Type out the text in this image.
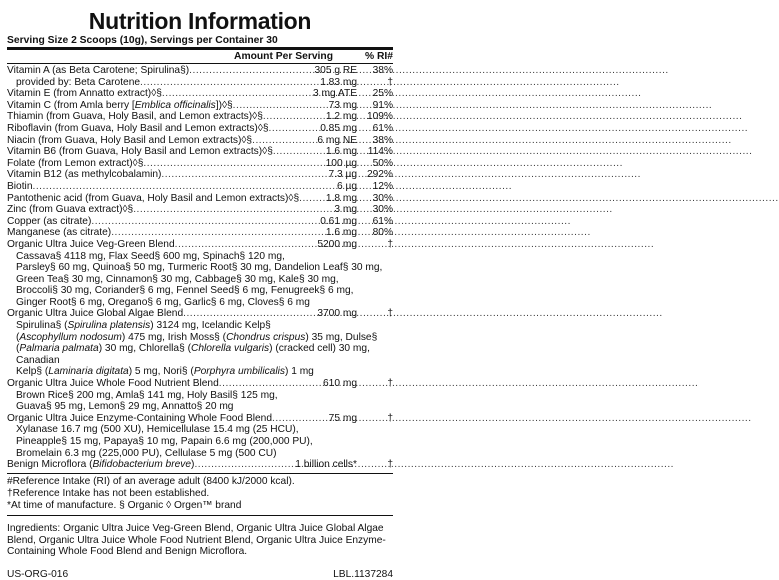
Nutrition Information
Serving Size 2 Scoops (10g), Servings per Container 30
Amount Per Serving	% RI#
Vitamin A (as Beta Carotene; Spirulina§) .....	305 g RE	38%
provided by: Beta Carotene .....	1.83 mg	†
Vitamin E (from Annatto extract)◊§ .....	3 mg ATE	25%
Vitamin C (from Amla berry [Emblica officinalis])◊§ .....	73 mg	91%
Thiamin (from Guava, Holy Basil, and Lemon extracts)◊§ .....	1.2 mg 109%
Riboflavin (from Guava, Holy Basil and Lemon extracts)◊§ .....	0.85 mg	61%
Niacin (from Guava, Holy Basil and Lemon extracts)◊§ .....	6 mg NE	38%
Vitamin B6 (from Guava, Holy Basil and Lemon extracts)◊§ .....	1.6 mg	114%
Folate (from Lemon extract)◊§ .....	100 µg	50%
Vitamin B12 (as methylcobalamin) .....	7.3 µg 292%
Biotin .....	6 µg	12%
Pantothenic acid (from Guava, Holy Basil and Lemon extracts)◊§ .....	1.8 mg	30%
Zinc (from Guava extract)◊§ .....	3 mg	30%
Copper (as citrate) .....	0.61 mg	61%
Manganese (as citrate) .....	1.6 mg	80%
Organic Ultra Juice Veg-Green Blend .....	5200 mg	†
Cassava§ 4118 mg, Flax Seed§ 600 mg, Spinach§ 120 mg,
Parsley§ 60 mg, Quinoa§ 50 mg, Turmeric Root§ 30 mg, Dandelion Leaf§ 30 mg,
Green Tea§ 30 mg, Cinnamon§ 30 mg, Cabbage§ 30 mg, Kale§ 30 mg,
Broccoli§ 30 mg, Coriander§ 6 mg, Fennel Seed§ 6 mg, Fenugreek§ 6 mg,
Ginger Root§ 6 mg, Oregano§ 6 mg, Garlic§ 6 mg, Cloves§ 6 mg
Organic Ultra Juice Global Algae Blend .....	3700 mg	†
Spirulina§ (Spirulina platensis) 3124 mg, Icelandic Kelp§
(Ascophyllum nodosum) 475 mg, Irish Moss§ (Chondrus crispus) 35 mg, Dulse§
(Palmaria palmata) 30 mg, Chlorella§ (Chlorella vulgaris) (cracked cell) 30 mg, Canadian
Kelp§ (Laminaria digitata) 5 mg, Nori§ (Porphyra umbilicalis) 1 mg
Organic Ultra Juice Whole Food Nutrient Blend .....	610 mg	†
Brown Rice§ 200 mg, Amla§ 141 mg, Holy Basil§ 125 mg,
Guava§ 95 mg, Lemon§ 29 mg, Annatto§ 20 mg
Organic Ultra Juice Enzyme-Containing Whole Food Blend .....	75 mg	†
Xylanase 16.7 mg (500 XU), Hemicellulase 15.4 mg (25 HCU),
Pineapple§ 15 mg, Papaya§ 10 mg, Papain 6.6 mg (200,000 PU),
Bromelain 6.3 mg (225,000 PU), Cellulase 5 mg (500 CU)
Benign Microflora (Bifidobacterium breve) .....	1 billion cells*	†
#Reference Intake (RI) of an average adult (8400 kJ/2000 kcal).
†Reference Intake has not been established.
*At time of manufacture. § Organic ◊ Orgen™ brand
Ingredients: Organic Ultra Juice Veg-Green Blend, Organic Ultra Juice Global Algae Blend, Organic Ultra Juice Whole Food Nutrient Blend, Organic Ultra Juice Enzyme-Containing Whole Food Blend and Benign Microflora.
US-ORG-016	LBL.1137284
